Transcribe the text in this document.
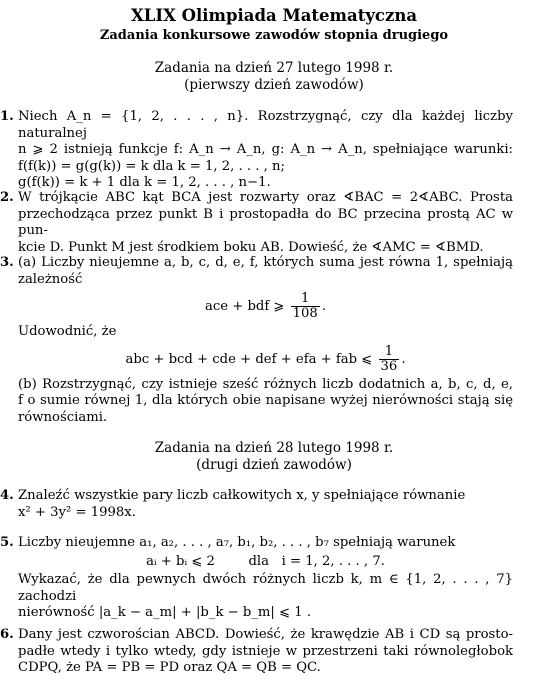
XLIX Olimpiada Matematyczna
Zadania konkursowe zawodów stopnia drugiego
Zadania na dzień 27 lutego 1998 r.
(pierwszy dzień zawodów)
1. Niech A_n = {1, 2, . . . , n}. Rozstrzygnąć, czy dla każdej liczby naturalnej
n ⩾ 2 istnieją funkcje f: A_n → A_n, g: A_n → A_n, spełniające warunki:
f(f(k)) = g(g(k)) = k dla k = 1, 2, . . . , n;
g(f(k)) = k + 1 dla k = 1, 2, . . . , n−1.
2. W trójkącie ABC kąt BCA jest rozwarty oraz ∢BAC = 2∢ABC. Prosta
przechodząca przez punkt B i prostopadła do BC przecina prostą AC w pun-
kcie D. Punkt M jest środkiem boku AB. Dowieść, że ∢AMC = ∢BMD.
3. (a) Liczby nieujemne a, b, c, d, e, f, których suma jest równa 1, spełniają
zależność
ace + bdf ⩾ $\frac{1}{108}$ .
Udowodnić, że
abc + bcd + cde + def + efa + fab ⩽ $\frac{1}{36}$ .
(b) Rozstrzygnąć, czy istnieje sześć różnych liczb dodatnich a, b, c, d, e,
f o sumie równej 1, dla których obie napisane wyżej nierówności stają się
równościami.
Zadania na dzień 28 lutego 1998 r.
(drugi dzień zawodów)
4. Znaleźć wszystkie pary liczb całkowitych x, y spełniające równanie
x² + 3y² = 1998x.
5. Liczby nieujemne a₁, a₂, . . . , a₇, b₁, b₂, . . . , b₇ spełniają warunek
aᵢ + bᵢ ⩽ 2        dla   i = 1, 2, . . . , 7.
Wykazać, że dla pewnych dwóch różnych liczb k, m ∈ {1, 2, . . . , 7} zachodzi
nierówność |a_k − a_m| + |b_k − b_m| ⩽ 1 .
6. Dany jest czworościan ABCD. Dowieść, że krawędzie AB i CD są prosto-
padłe wtedy i tylko wtedy, gdy istnieje w przestrzeni taki równoległobok
CDPQ, że PA = PB = PD oraz QA = QB = QC.
